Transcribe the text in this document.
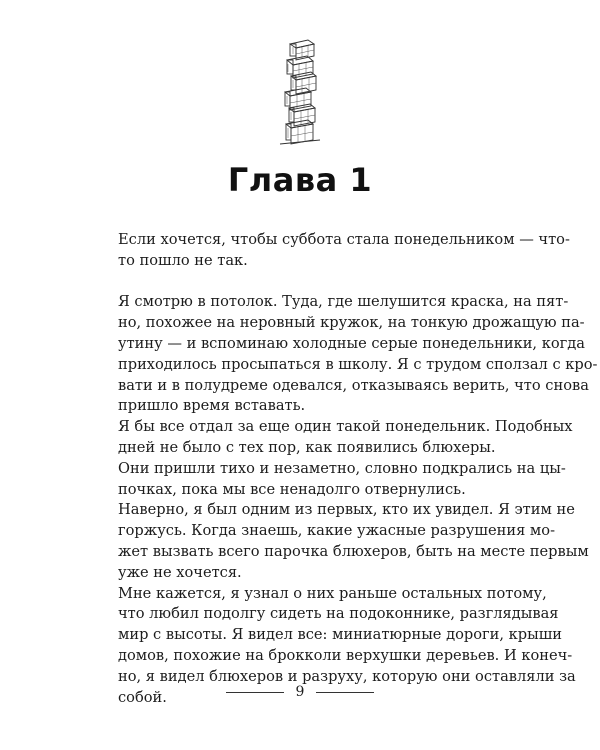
Глава 1

Если хочется, чтобы суббота стала понедельником — что-
то пошло не так.

Я смотрю в потолок. Туда, где шелушится краска, на пят-
но, похожее на неровный кружок, на тонкую дрожащую па-
утину — и вспоминаю холодные серые понедельники, когда
приходилось просыпаться в школу. Я с трудом сползал с кро-
вати и в полудреме одевался, отказываясь верить, что снова
пришло время вставать.

Я бы все отдал за еще один такой понедельник. Подобных
дней не было с тех пор, как появились блюхеры.

Они пришли тихо и незаметно, словно подкрались на цы-
почках, пока мы все ненадолго отвернулись.

Наверно, я был одним из первых, кто их увидел. Я этим не
горжусь. Когда знаешь, какие ужасные разрушения мо-
жет вызвать всего парочка блюхеров, быть на месте первым
уже не хочется.

Мне кажется, я узнал о них раньше остальных потому,
что любил подолгу сидеть на подоконнике, разглядывая
мир с высоты. Я видел все: миниатюрные дороги, крыши
домов, похожие на брокколи верхушки деревьев. И конеч-
но, я видел блюхеров и разруху, которую они оставляли за
собой.	9
